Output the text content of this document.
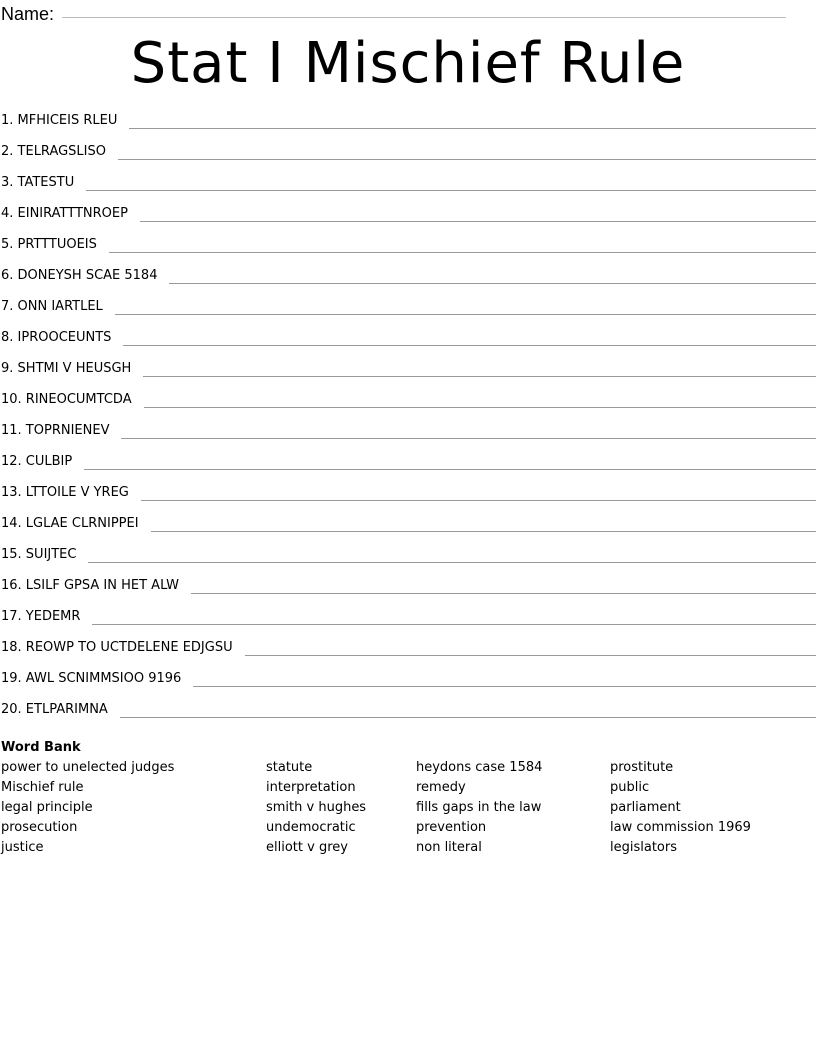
Name:
Stat I Mischief Rule
1. MFHICEIS RLEU
2. TELRAGSLISO
3. TATESTU
4. EINIRATTTNROEP
5. PRTTTUOEIS
6. DONEYSH SCAE 5184
7. ONN IARTLEL
8. IPROOCEUNTS
9. SHTMI V HEUSGH
10. RINEOCUMTCDA
11. TOPRNIENEV
12. CULBIP
13. LTTOILE V YREG
14. LGLAE CLRNIPPEI
15. SUIJTEC
16. LSILF GPSA IN HET ALW
17. YEDEMR
18. REOWP TO UCTDELENE EDJGSU
19. AWL SCNIMMSIOO 9196
20. ETLPARIMNA
Word Bank
power to unelected judges
Mischief rule
legal principle
prosecution
justice
statute
interpretation
smith v hughes
undemocratic
elliott v grey
heydons case 1584
remedy
fills gaps in the law
prevention
non literal
prostitute
public
parliament
law commission 1969
legislators
